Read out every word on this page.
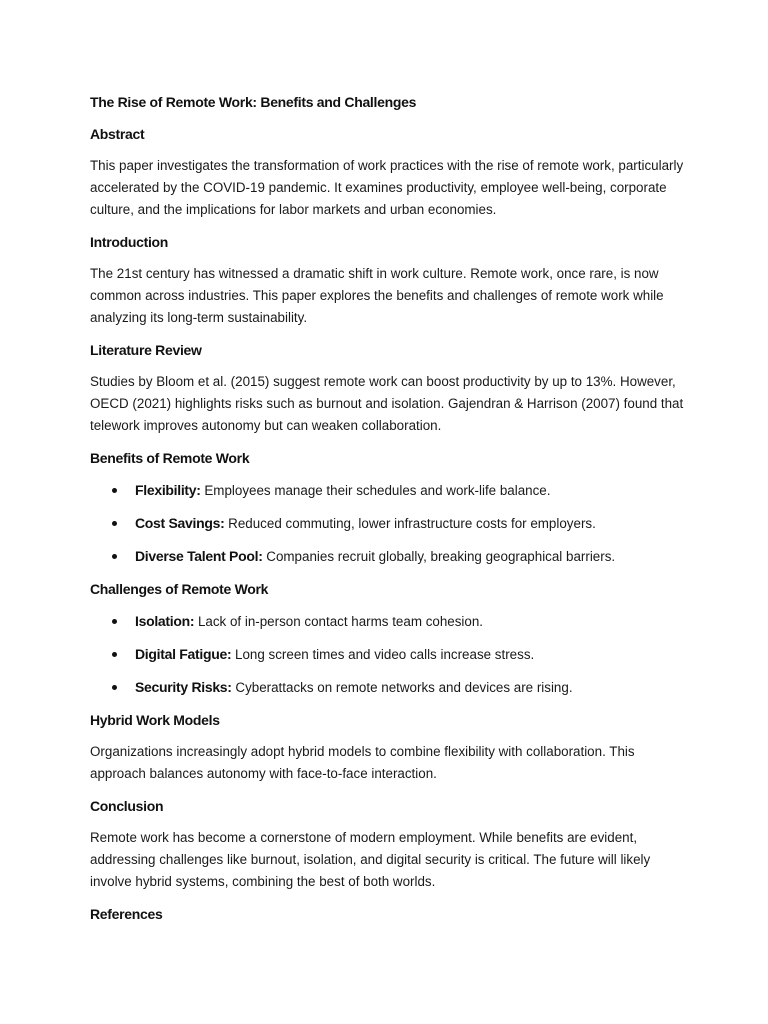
The Rise of Remote Work: Benefits and Challenges
Abstract

This paper investigates the transformation of work practices with the rise of remote work, particularly accelerated by the COVID-19 pandemic. It examines productivity, employee well-being, corporate culture, and the implications for labor markets and urban economies.

Introduction

The 21st century has witnessed a dramatic shift in work culture. Remote work, once rare, is now common across industries. This paper explores the benefits and challenges of remote work while analyzing its long-term sustainability.

Literature Review

Studies by Bloom et al. (2015) suggest remote work can boost productivity by up to 13%. However, OECD (2021) highlights risks such as burnout and isolation. Gajendran & Harrison (2007) found that telework improves autonomy but can weaken collaboration.

Benefits of Remote Work
Flexibility: Employees manage their schedules and work-life balance.
Cost Savings: Reduced commuting, lower infrastructure costs for employers.
Diverse Talent Pool: Companies recruit globally, breaking geographical barriers.
Challenges of Remote Work
Isolation: Lack of in-person contact harms team cohesion.
Digital Fatigue: Long screen times and video calls increase stress.
Security Risks: Cyberattacks on remote networks and devices are rising.
Hybrid Work Models

Organizations increasingly adopt hybrid models to combine flexibility with collaboration. This approach balances autonomy with face-to-face interaction.

Conclusion

Remote work has become a cornerstone of modern employment. While benefits are evident, addressing challenges like burnout, isolation, and digital security is critical. The future will likely involve hybrid systems, combining the best of both worlds.

References
